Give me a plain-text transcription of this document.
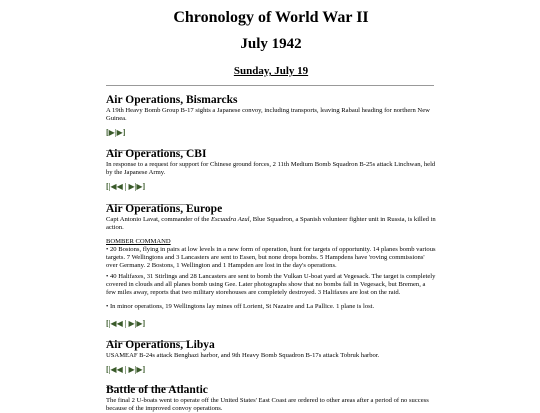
Chronology of World War II
July 1942
Sunday, July 19
Air Operations, Bismarcks
A 19th Heavy Bomb Group B-17 sights a Japanese convoy, including transports, leaving Rabaul heading for northern New Guinea.
[▶|▶]
Air Operations, CBI
In response to a request for support for Chinese ground forces, 2 11th Medium Bomb Squadron B-25s attack Linchwan, held by the Japanese Army.
[|◀◀ | ▶|▶]
Air Operations, Europe
Capt Antonio Lavat, commander of the Escuadra Azul, Blue Squadron, a Spanish volunteer fighter unit in Russia, is killed in action.
BOMBER COMMAND
• 20 Bostons, flying in pairs at low levels in a new form of operation, hunt for targets of opportunity. 14 planes bomb various targets. 7 Wellingtons and 3 Lancasters are sent to Essen, but none drops bombs. 5 Hampdens have 'roving commissions' over Germany. 2 Bostons, 1 Wellington and 1 Hampden are lost in the day's operations.
• 40 Halifaxes, 31 Stirlings and 28 Lancasters are sent to bomb the Vulkan U-boat yard at Vegesack. The target is completely covered in clouds and all planes bomb using Gee. Later photographs show that no bombs fall in Vegesack, but Bremen, a few miles away, reports that two military storehouses are completely destroyed. 3 Halifaxes are lost on the raid.
• In minor operations, 19 Wellingtons lay mines off Lorient, St Nazaire and La Pallice. 1 plane is lost.
[|◀◀ | ▶|▶]
Air Operations, Libya
USAMEAF B-24s attack Benghazi harbor, and 9th Heavy Bomb Squadron B-17s attack Tobruk harbor.
[|◀◀ | ▶|▶]
Battle of the Atlantic
The final 2 U-boats went to operate off the United States' East Coast are ordered to other areas after a period of no success because of the improved convoy operations.
